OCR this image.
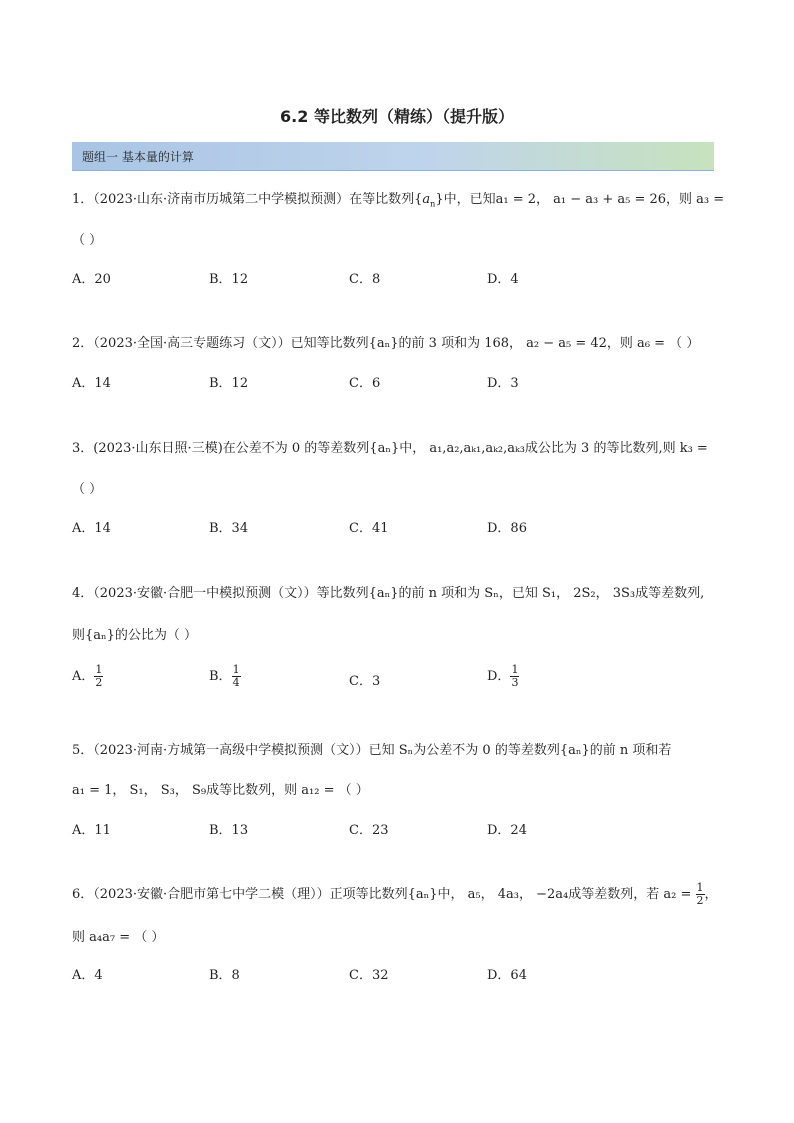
6.2 等比数列（精练）（提升版）
题组一 基本量的计算
1．（2023·山东·济南市历城第二中学模拟预测）在等比数列$\{a_n\}$中，已知a₁ = 2， a₁ − a₃ + a₅ = 26，则 a₃ =
（ ）
A．20	B．12	C．8	D．4
2．（2023·全国·高三专题练习（文））已知等比数列{aₙ}的前 3 项和为 168， a₂ − a₅ = 42，则 a₆ = （ ）
A．14	B．12	C．6	D．3
3．(2023·山东日照·三模)在公差不为 0 的等差数列{aₙ}中， a₁,a₂,aₖ₁,aₖ₂,aₖ₃成公比为 3 的等比数列,则 k₃ =
（ ）
A．14	B．34	C．41	D．86
4．（2023·安徽·合肥一中模拟预测（文））等比数列{aₙ}的前 n 项和为 Sₙ，已知 S₁， 2S₂， 3S₃成等差数列,
则{aₙ}的公比为（ ）
A． $\frac{1}{2}$	B． $\frac{1}{4}$	C．3	D． $\frac{1}{3}$
5．（2023·河南·方城第一高级中学模拟预测（文））已知 Sₙ为公差不为 0 的等差数列{aₙ}的前 n 项和若
a₁ = 1， S₁， S₃， S₉成等比数列，则 a₁₂ = （ ）
A．11	B．13	C．23	D．24
6．（2023·安徽·合肥市第七中学二模（理））正项等比数列{aₙ}中， a₅， 4a₃， −2a₄成等差数列，若 $a_2 = \frac{1}{2}$ ，
则 a₄a₇ = （ ）
A．4	B．8	C．32	D．64
